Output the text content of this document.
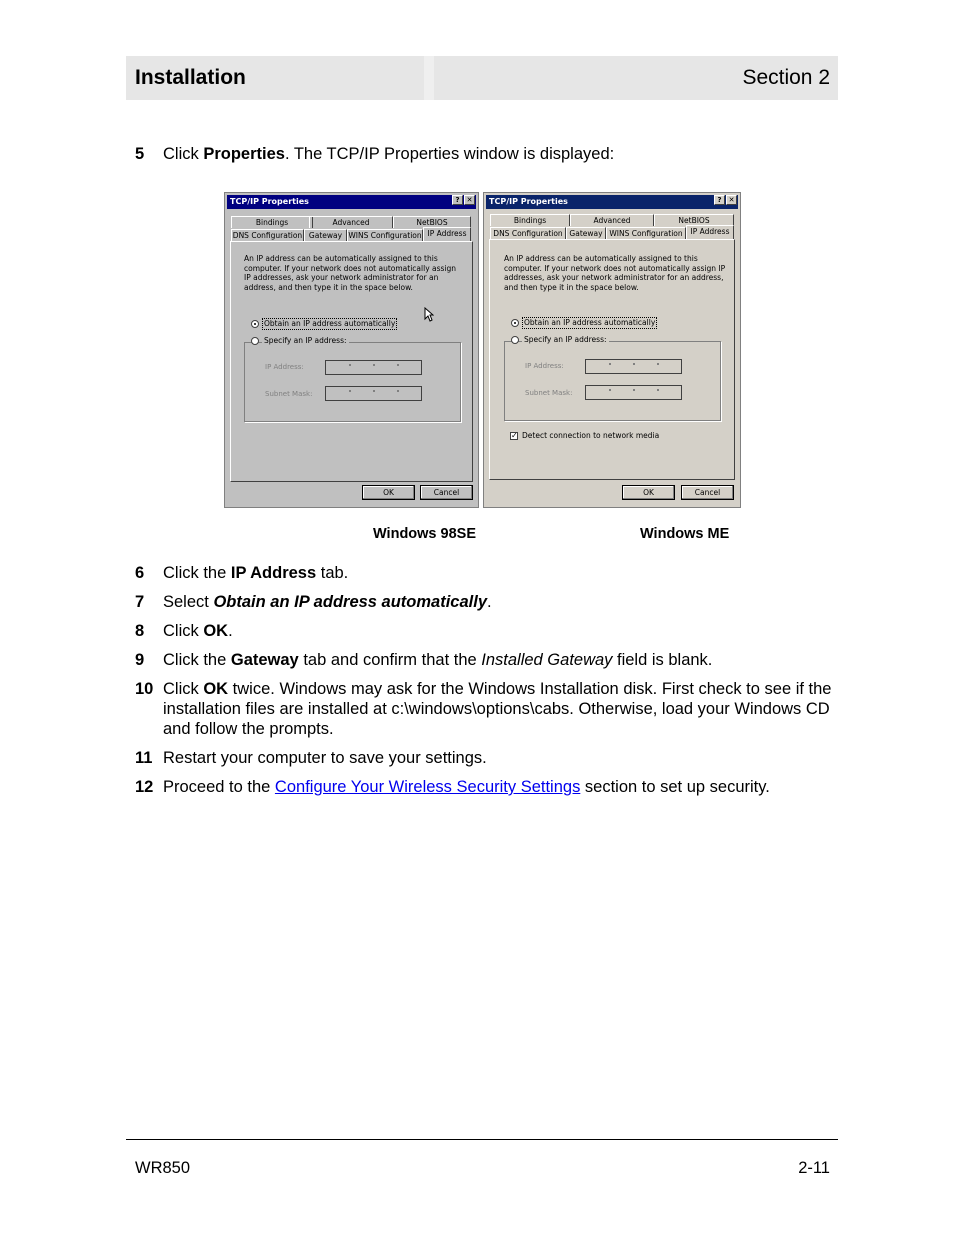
Installation	Section 2
5	Click Properties. The TCP/IP Properties window is displayed:
TCP/IP Properties	?	✕
Bindings	Advanced	NetBIOS
DNS Configuration Gateway WINS Configuration IP Address
An IP address can be automatically assigned to this computer. If your network does not automatically assign IP addresses, ask your network administrator for an address, and then type it in the space below.
Obtain an IP address automatically
Specify an IP address:
IP Address:
Subnet Mask:
OK	Cancel
TCP/IP Properties	?	✕
Bindings	Advanced	NetBIOS
DNS Configuration Gateway WINS Configuration	IP Address
An IP address can be automatically assigned to this computer. If your network does not automatically assign IP addresses, ask your network administrator for an address, and then type it in the space below.
Obtain an IP address automatically
Specify an IP address:
IP Address:
Subnet Mask:
✓ Detect connection to network media
OK	Cancel
Windows 98SE	Windows ME
6	Click the IP Address tab.
7	Select Obtain an IP address automatically.
8	Click OK.
9	Click the Gateway tab and confirm that the Installed Gateway field is blank.
10 Click OK twice. Windows may ask for the Windows Installation disk. First check to see if the installation files are installed at c:\windows\options\cabs. Otherwise, load your Windows CD and follow the prompts.
11 Restart your computer to save your settings.
12 Proceed to the Configure Your Wireless Security Settings section to set up security.
WR850	2-11
